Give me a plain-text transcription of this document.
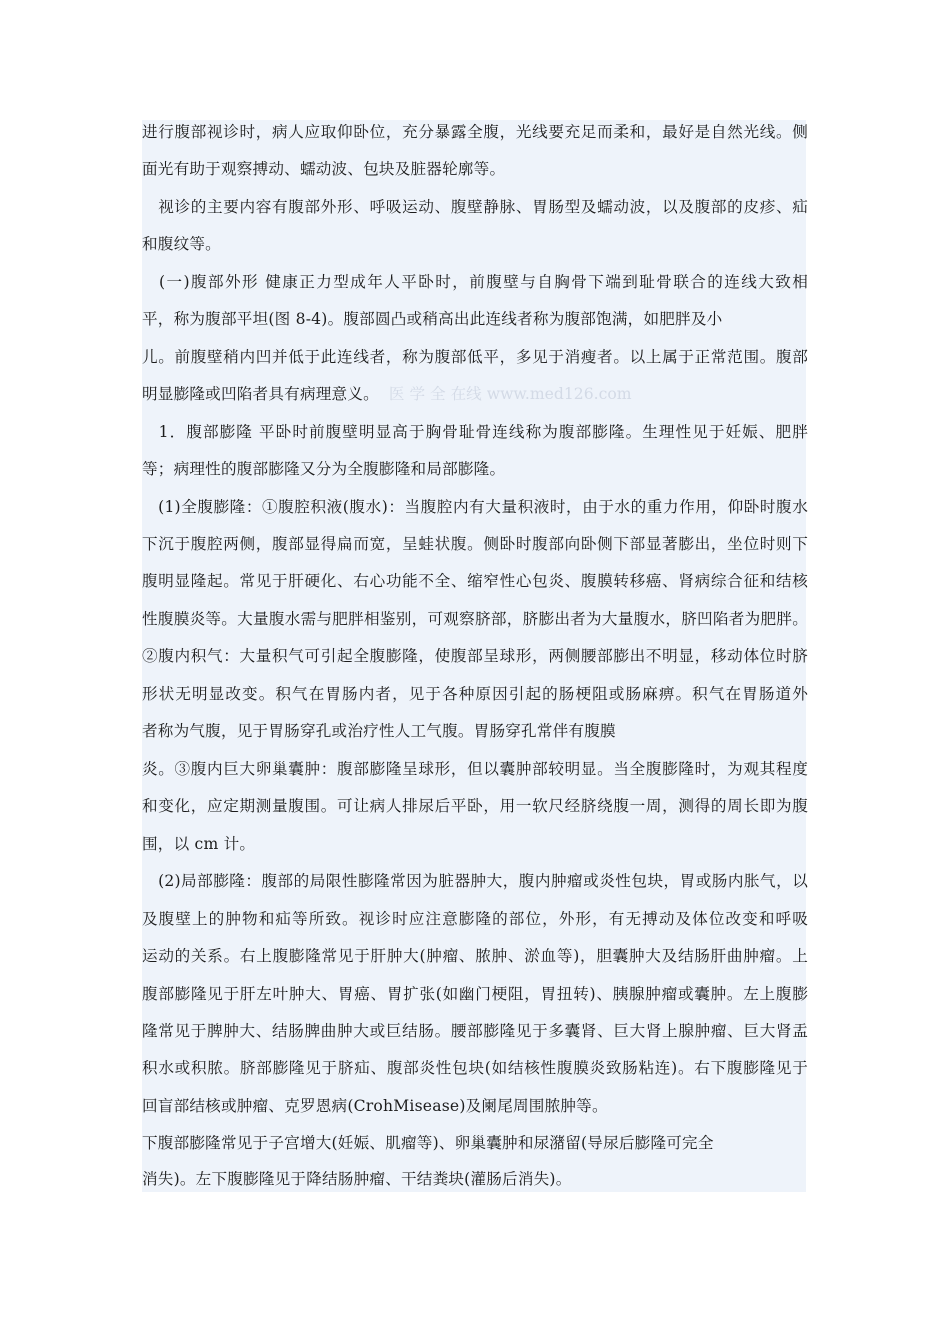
进行腹部视诊时，病人应取仰卧位，充分暴露全腹，光线要充足而柔和，最好是自然光线。侧
面光有助于观察搏动、蠕动波、包块及脏器轮廓等。
　视诊的主要内容有腹部外形、呼吸运动、腹壁静脉、胃肠型及蠕动波，以及腹部的皮疹、疝
和腹纹等。
　(一)腹部外形 健康正力型成年人平卧时，前腹壁与自胸骨下端到耻骨联合的连线大致相
平，称为腹部平坦(图 8-4)。腹部圆凸或稍高出此连线者称为腹部饱满，如肥胖及小
儿。前腹壁稍内凹并低于此连线者，称为腹部低平，多见于消瘦者。以上属于正常范围。腹部
明显膨隆或凹陷者具有病理意义。 医 学 全 在线 www.med126.com
　1．腹部膨隆 平卧时前腹壁明显高于胸骨耻骨连线称为腹部膨隆。生理性见于妊娠、肥胖
等；病理性的腹部膨隆又分为全腹膨隆和局部膨隆。
　(1)全腹膨隆：①腹腔积液(腹水)：当腹腔内有大量积液时，由于水的重力作用，仰卧时腹水
下沉于腹腔两侧，腹部显得扁而宽，呈蛙状腹。侧卧时腹部向卧侧下部显著膨出，坐位时则下
腹明显隆起。常见于肝硬化、右心功能不全、缩窄性心包炎、腹膜转移癌、肾病综合征和结核
性腹膜炎等。大量腹水需与肥胖相鉴别，可观察脐部，脐膨出者为大量腹水，脐凹陷者为肥胖。
②腹内积气：大量积气可引起全腹膨隆，使腹部呈球形，两侧腰部膨出不明显，移动体位时脐
形状无明显改变。积气在胃肠内者，见于各种原因引起的肠梗阻或肠麻痹。积气在胃肠道外
者称为气腹，见于胃肠穿孔或治疗性人工气腹。胃肠穿孔常伴有腹膜
炎。③腹内巨大卵巢囊肿：腹部膨隆呈球形，但以囊肿部较明显。当全腹膨隆时，为观其程度
和变化，应定期测量腹围。可让病人排尿后平卧，用一软尺经脐绕腹一周，测得的周长即为腹
围，以 cm 计。
　(2)局部膨隆：腹部的局限性膨隆常因为脏器肿大，腹内肿瘤或炎性包块，胃或肠内胀气，以
及腹壁上的肿物和疝等所致。视诊时应注意膨隆的部位，外形，有无搏动及体位改变和呼吸
运动的关系。右上腹膨隆常见于肝肿大(肿瘤、脓肿、淤血等)，胆囊肿大及结肠肝曲肿瘤。上
腹部膨隆见于肝左叶肿大、胃癌、胃扩张(如幽门梗阻，胃扭转)、胰腺肿瘤或囊肿。左上腹膨
隆常见于脾肿大、结肠脾曲肿大或巨结肠。腰部膨隆见于多囊肾、巨大肾上腺肿瘤、巨大肾盂
积水或积脓。脐部膨隆见于脐疝、腹部炎性包块(如结核性腹膜炎致肠粘连)。右下腹膨隆见于
回盲部结核或肿瘤、克罗恩病(CrohMisease)及阑尾周围脓肿等。
下腹部膨隆常见于子宫增大(妊娠、肌瘤等)、卵巢囊肿和尿潴留(导尿后膨隆可完全
消失)。左下腹膨隆见于降结肠肿瘤、干结粪块(灌肠后消失)。
